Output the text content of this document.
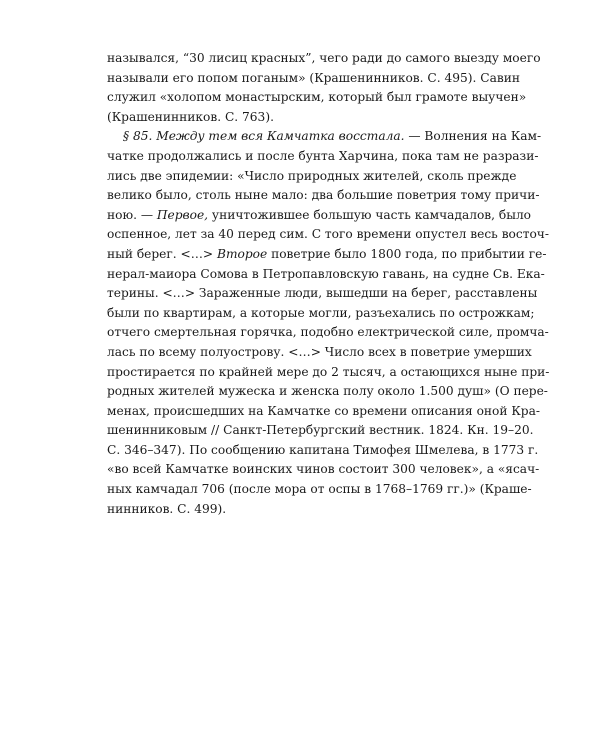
назывался, “30 лисиц красных”, чего ради до самого выезду моего
называли его попом поганым» (Крашенинников. С. 495). Савин
служил «холопом монастырским, который был грамоте выучен»
(Крашенинников. С. 763).
§ 85. Между тем вся Камчатка восстала. — Волнения на Кам-
чатке продолжались и после бунта Харчина, пока там не разрази-
лись две эпидемии: «Число природных жителей, сколь прежде
велико было, столь ныне мало: два большие поветрия тому причи-
ною. — Первое, уничтожившее большую часть камчадалов, было
оспенное, лет за 40 перед сим. С того времени опустел весь восточ-
ный берег. <…> Второе поветрие было 1800 года, по прибытии ге-
нерал-маиора Сомова в Петропавловскую гавань, на судне Св. Ека-
терины. <…> Зараженные люди, вышедши на берег, расставлены
были по квартирам, а которые могли, разъехались по острожкам;
отчего смертельная горячка, подобно електрической силе, промча-
лась по всему полуострову. <…> Число всех в поветрие умерших
простирается по крайней мере до 2 тысяч, а остающихся ныне при-
родных жителей мужеска и женска полу около 1.500 душ» (О пере-
менах, происшедших на Камчатке со времени описания оной Кра-
шенинниковым // Санкт-Петербургский вестник. 1824. Кн. 19–20.
С. 346–347). По сообщению капитана Тимофея Шмелева, в 1773 г.
«во всей Камчатке воинских чинов состоит 300 человек», а «ясач-
ных камчадал 706 (после мора от оспы в 1768–1769 гг.)» (Краше-
нинников. С. 499).
